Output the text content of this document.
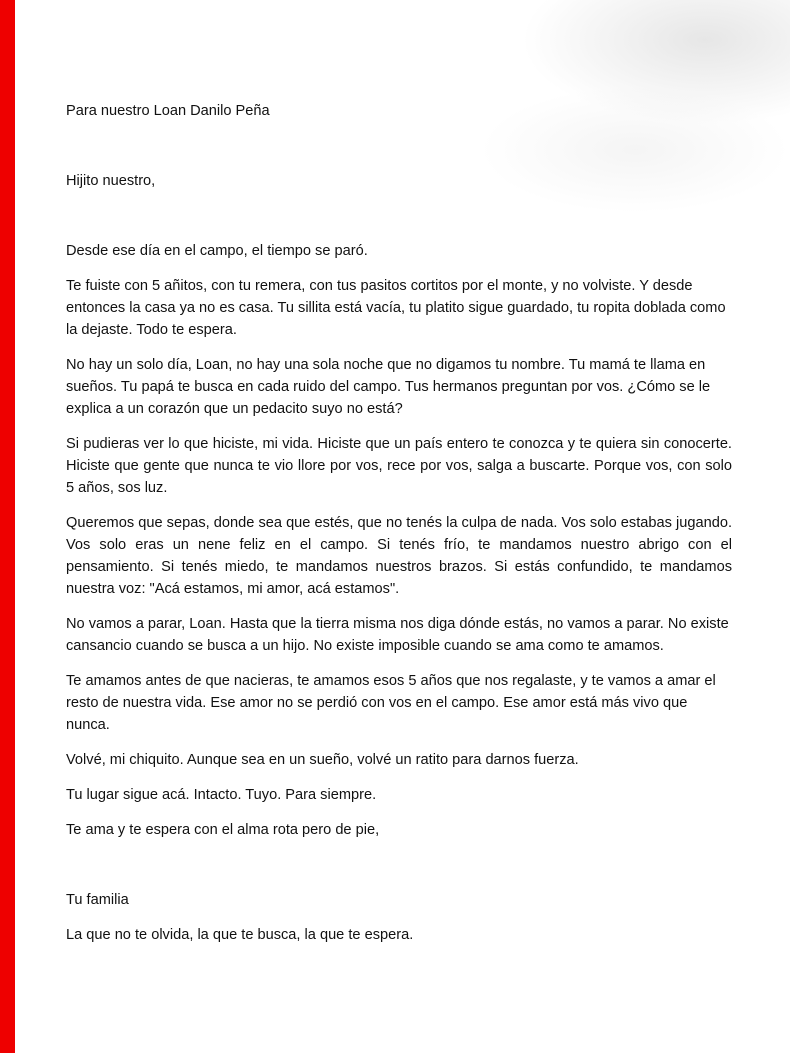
Para nuestro Loan Danilo Peña

Hijito nuestro,

Desde ese día en el campo, el tiempo se paró.

Te fuiste con 5 añitos, con tu remera, con tus pasitos cortitos por el monte, y no volviste. Y desde entonces la casa ya no es casa. Tu sillita está vacía, tu platito sigue guardado, tu ropita doblada como la dejaste. Todo te espera.

No hay un solo día, Loan, no hay una sola noche que no digamos tu nombre. Tu mamá te llama en sueños. Tu papá te busca en cada ruido del campo. Tus hermanos preguntan por vos. ¿Cómo se le explica a un corazón que un pedacito suyo no está?

Si pudieras ver lo que hiciste, mi vida. Hiciste que un país entero te conozca y te quiera sin conocerte. Hiciste que gente que nunca te vio llore por vos, rece por vos, salga a buscarte. Porque vos, con solo 5 años, sos luz.

Queremos que sepas, donde sea que estés, que no tenés la culpa de nada. Vos solo estabas jugando. Vos solo eras un nene feliz en el campo. Si tenés frío, te mandamos nuestro abrigo con el pensamiento. Si tenés miedo, te mandamos nuestros brazos. Si estás confundido, te mandamos nuestra voz: "Acá estamos, mi amor, acá estamos".

No vamos a parar, Loan. Hasta que la tierra misma nos diga dónde estás, no vamos a parar. No existe cansancio cuando se busca a un hijo. No existe imposible cuando se ama como te amamos.

Te amamos antes de que nacieras, te amamos esos 5 años que nos regalaste, y te vamos a amar el resto de nuestra vida. Ese amor no se perdió con vos en el campo. Ese amor está más vivo que nunca.

Volvé, mi chiquito. Aunque sea en un sueño, volvé un ratito para darnos fuerza.

Tu lugar sigue acá. Intacto. Tuyo. Para siempre.

Te ama y te espera con el alma rota pero de pie,

Tu familia

La que no te olvida, la que te busca, la que te espera.
